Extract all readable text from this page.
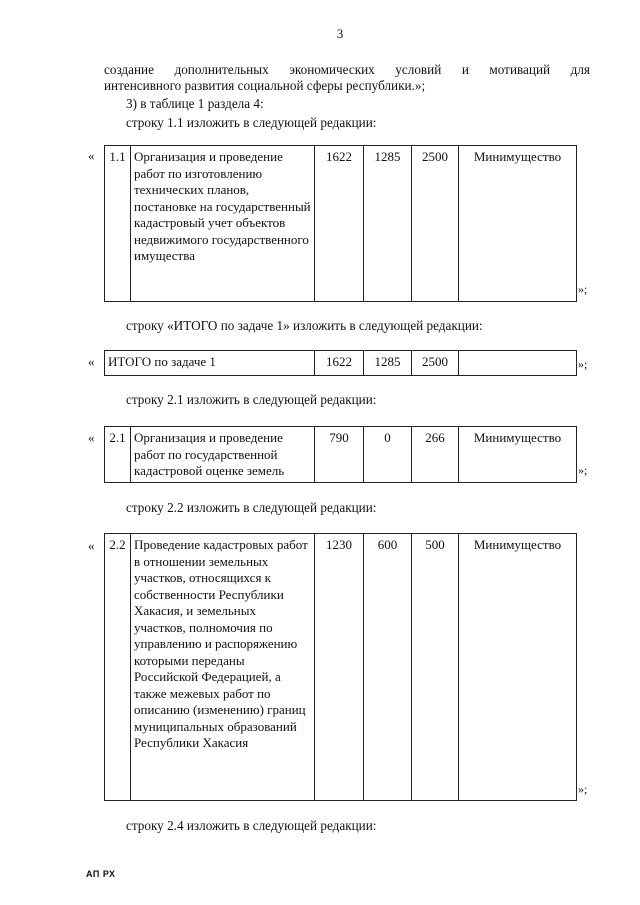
3
создание дополнительных экономических условий и мотиваций для
интенсивного развития социальной сферы республики.»;
3) в таблице 1 раздела 4:
строку 1.1 изложить в следующей редакции:
« 1.1	Организация и проведение работ по изготовлению технических планов, постановке на государственный кадастровый учет объектов недвижимого государственного имущества	1622	1285	2500	Минимущество
»;
строку «ИТОГО по задаче 1» изложить в следующей редакции:
« ИТОГО по задаче 1	1622	1285	2500		»;
строку 2.1 изложить в следующей редакции:
« 2.1	Организация и проведение работ по государственной кадастровой оценке земель	790	0	266	Минимущество
»;
строку 2.2 изложить в следующей редакции:
« 2.2	Проведение кадастровых работ в отношении земельных участков, относящихся к собственности Республики Хакасия, и земельных участков, полномочия по управлению и распоряжению которыми переданы Российской Федерацией, а также межевых работ по описанию (изменению) границ муниципальных образований Республики Хакасия	1230	600	500	Минимущество
»;
строку 2.4 изложить в следующей редакции:
АП РХ
